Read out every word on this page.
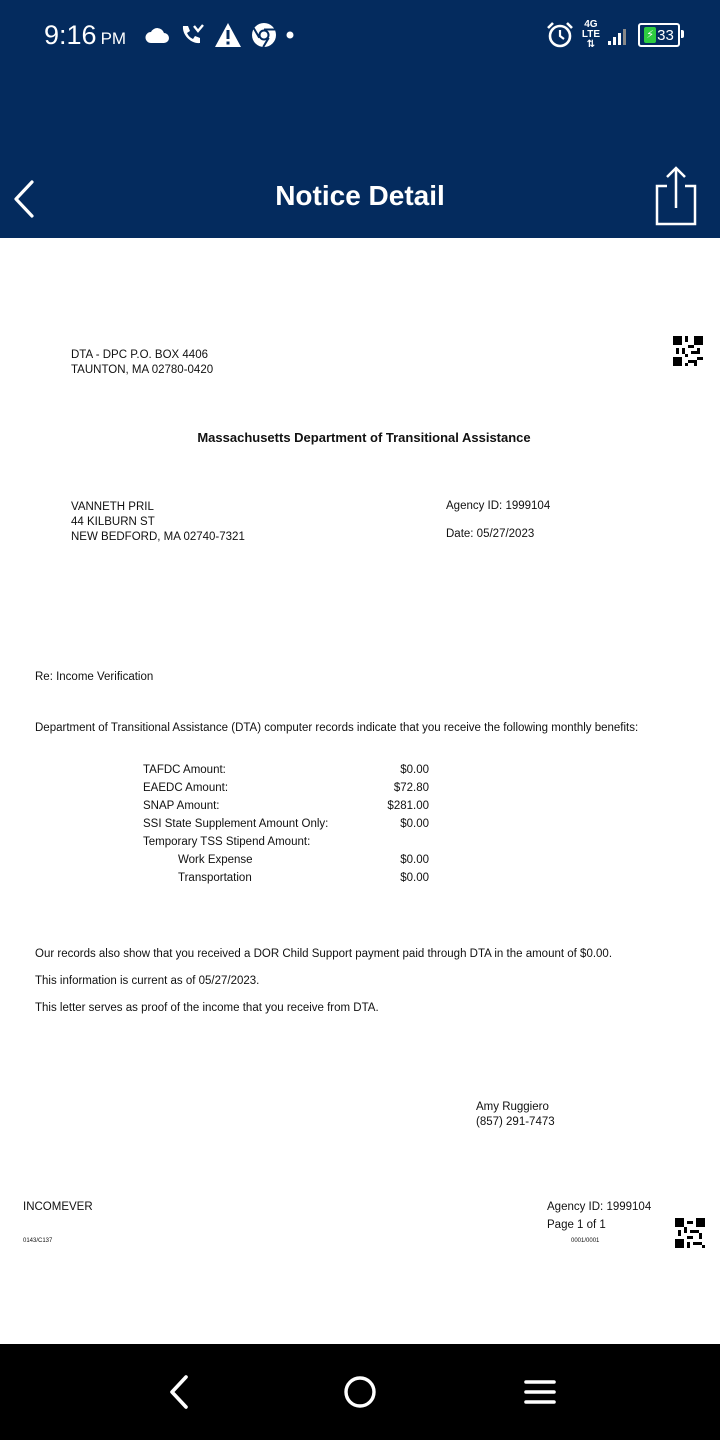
9:16 PM
4G
LTE
⇅
⚡ 33
Notice Detail
DTA - DPC P.O. BOX 4406
TAUNTON, MA 02780-0420
Massachusetts Department of Transitional Assistance
VANNETH PRIL
44 KILBURN ST
NEW BEDFORD, MA 02740-7321
Agency ID: 1999104
Date: 05/27/2023
Re: Income Verification
Department of Transitional Assistance (DTA) computer records indicate that you receive the following monthly benefits:
TAFDC Amount:	$0.00
EAEDC Amount:	$72.80
SNAP Amount:	$281.00
SSI State Supplement Amount Only:	$0.00
Temporary TSS Stipend Amount:
Work Expense	$0.00
Transportation	$0.00
Our records also show that you received a DOR Child Support payment paid through DTA in the amount of $0.00.
This information is current as of 05/27/2023.
This letter serves as proof of the income that you receive from DTA.
Amy Ruggiero
(857) 291-7473
INCOMEVER
0143/C137
Agency ID: 1999104
Page 1 of 1
0001/0001
